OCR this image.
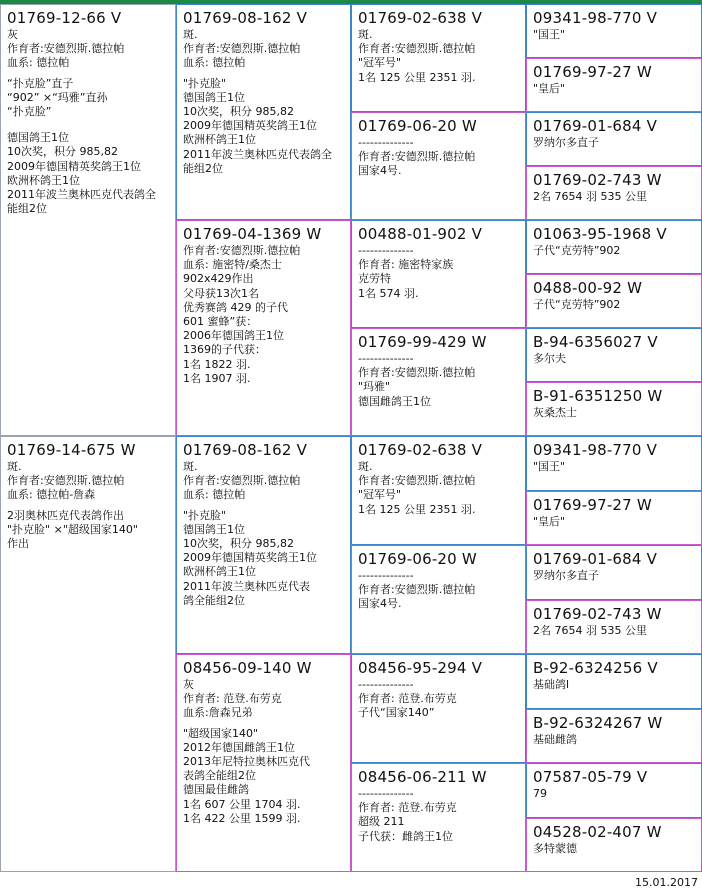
01769-12-66 V
灰
作育者:安德烈斯.德拉帕
血系: 德拉帕

“扑克脸”直子
“902” ×“玛雅”直孙
“扑克脸”

德国鸽王1位
10次奖，积分 985,82
2009年德国精英奖鸽王1位
欧洲杯鸽王1位
2011年波兰奥林匹克代表鸽全
能组2位
01769-08-162 V
斑.
作育者:安德烈斯.德拉帕
血系: 德拉帕

"扑克脸"
德国鸽王1位
10次奖，积分 985,82
2009年德国精英奖鸽王1位
欧洲杯鸽王1位
2011年波兰奥林匹克代表鸽全
能组2位
01769-02-638 V
斑.
作育者:安德烈斯.德拉帕
"冠军号"
1名 125 公里 2351 羽.
09341-98-770 V
"国王"
01769-97-27 W
"皇后"
01769-06-20 W
--------------
作育者:安德烈斯.德拉帕
国家4号.
01769-01-684 V
罗纳尔多直子
01769-02-743 W
2名 7654 羽 535 公里
01769-04-1369 W
作育者:安德烈斯.德拉帕
血系: 施密特/桑杰士
902x429作出
父母获13次1名
优秀赛鸽 429 的子代
601 蜜蜂”获：
2006年德国鸽王1位
1369的子代获：
1名 1822 羽.
1名 1907 羽.
00488-01-902 V
--------------
作育者: 施密特家族
克劳特
1名 574 羽.
01063-95-1968 V
子代“克劳特”902
0488-00-92 W
子代“克劳特”902
01769-99-429 W
--------------
作育者:安德烈斯.德拉帕
"玛雅"
德国雌鸽王1位
B-94-6356027 V
多尔夫
B-91-6351250 W
灰桑杰士
01769-14-675 W
斑.
作育者:安德烈斯.德拉帕
血系: 德拉帕-詹森

2羽奥林匹克代表鸽作出
"扑克脸" ×"超级国家140"
作出
01769-08-162 V
斑.
作育者:安德烈斯.德拉帕
血系: 德拉帕

"扑克脸"
德国鸽王1位
10次奖，积分 985,82
2009年德国精英奖鸽王1位
欧洲杯鸽王1位
2011年波兰奥林匹克代表
鸽全能组2位
01769-02-638 V
斑.
作育者:安德烈斯.德拉帕
"冠军号"
1名 125 公里 2351 羽.
09341-98-770 V
"国王"
01769-97-27 W
"皇后"
01769-06-20 W
--------------
作育者:安德烈斯.德拉帕
国家4号.
01769-01-684 V
罗纳尔多直子
01769-02-743 W
2名 7654 羽 535 公里
08456-09-140 W
灰
作育者: 范登.布劳克
血系:詹森兄弟

"超级国家140"
2012年德国雌鸽王1位
2013年尼特拉奥林匹克代
表鸽全能组2位
德国最佳雌鸽
1名 607 公里 1704 羽.
1名 422 公里 1599 羽.
08456-95-294 V
--------------
作育者: 范登.布劳克
子代“国家140”
B-92-6324256 V
基础鸽l
B-92-6324267 W
基础雌鸽
08456-06-211 W
--------------
作育者: 范登.布劳克
超级 211
子代获：雌鸽王1位
07587-05-79 V
79
04528-02-407 W
多特蒙德
15.01.2017
